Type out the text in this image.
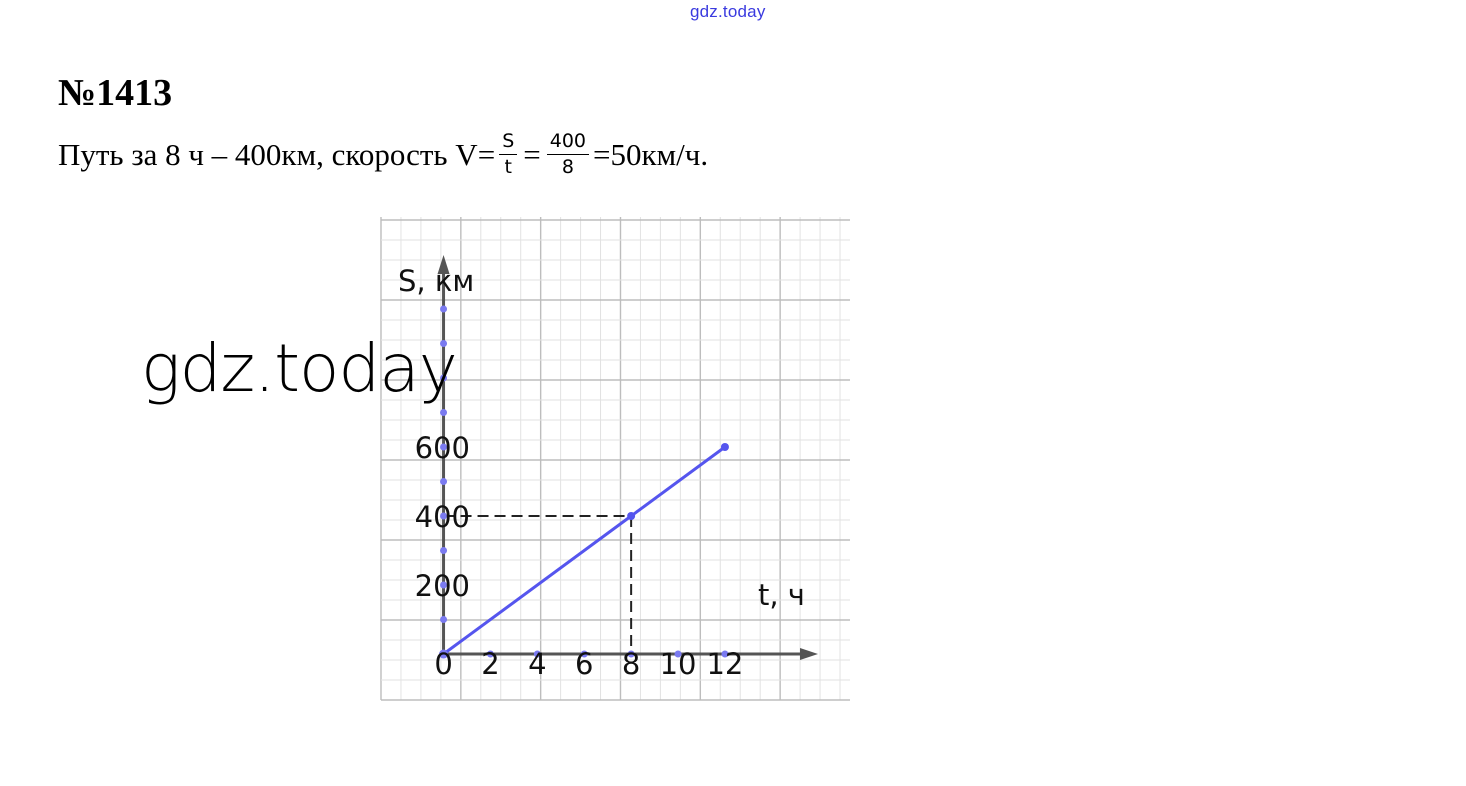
gdz.today
№1413
Путь за 8 ч – 400км, скорость $V= \frac{S}{t} = \frac{400}{8} =50км/ч$.
0 2 4 6 8 10 12
200
400
600
t, ч
S, км
gdz.today
